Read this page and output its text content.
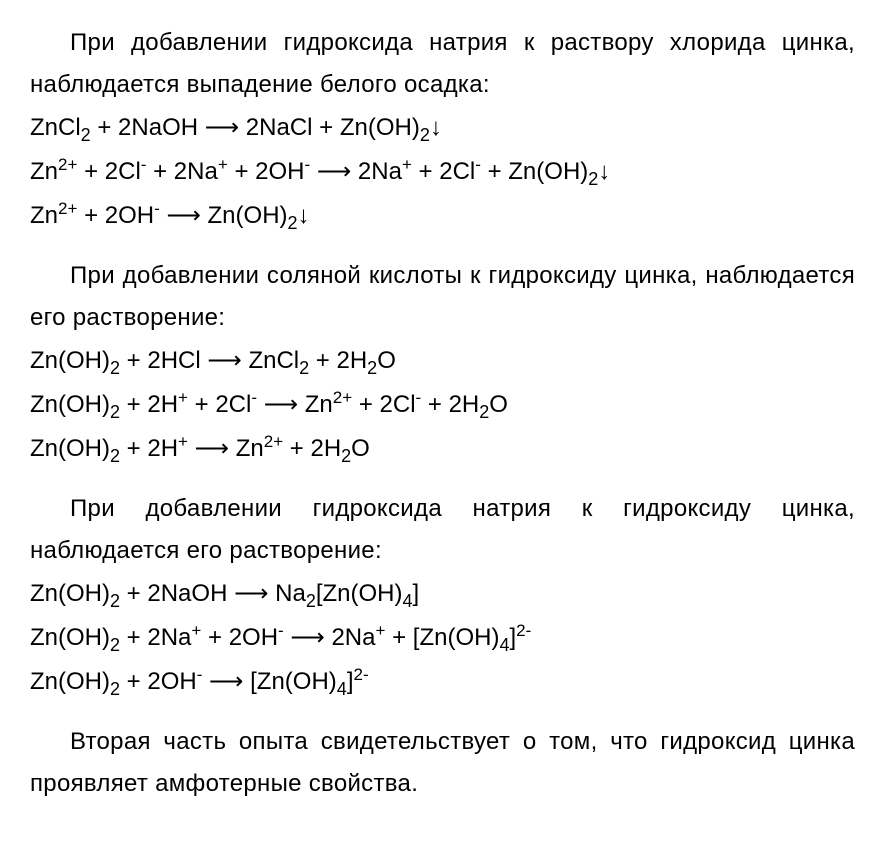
При добавлении гидроксида натрия к раствору хлорида цинка, наблюдается выпадение белого осадка:

ZnCl$_2$ + 2NaOH ⟶ 2NaCl + $Zn(OH)_2↓$
$Zn^{2+} + 2Cl^- + 2Na^+ + 2OH^-$ ⟶ $2Na^+ + 2Cl^- + Zn(OH)_2↓$
$Zn^{2+} + 2OH^-$ ⟶ $Zn(OH)_2↓$

При добавлении соляной кислоты к гидроксиду цинка, наблюдается его растворение:

$Zn(OH)_2 + 2HCl$ ⟶ ZnCl$_2$ + $2H_2O$
$Zn(OH)_2 + 2H^+ + 2Cl^-$ ⟶ $Zn^{2+} + 2Cl^- + 2H_2O$
$Zn(OH)_2 + 2H^+$ ⟶ $Zn^{2+} + 2H_2O$

При добавлении гидроксида натрия к гидроксиду цинка, наблюдается его растворение:

$Zn(OH)_2$ + 2NaOH ⟶ $Na_2[Zn(OH)_4]$
$Zn(OH)_2 + 2Na^+ + 2OH^-$ ⟶ $2Na^+ + [Zn(OH)_4]^{2-}$
$Zn(OH)_2 + 2OH^-$ ⟶ $[Zn(OH)_4]^{2-}$

Вторая часть опыта свидетельствует о том, что гидроксид цинка проявляет амфотерные свойства.
